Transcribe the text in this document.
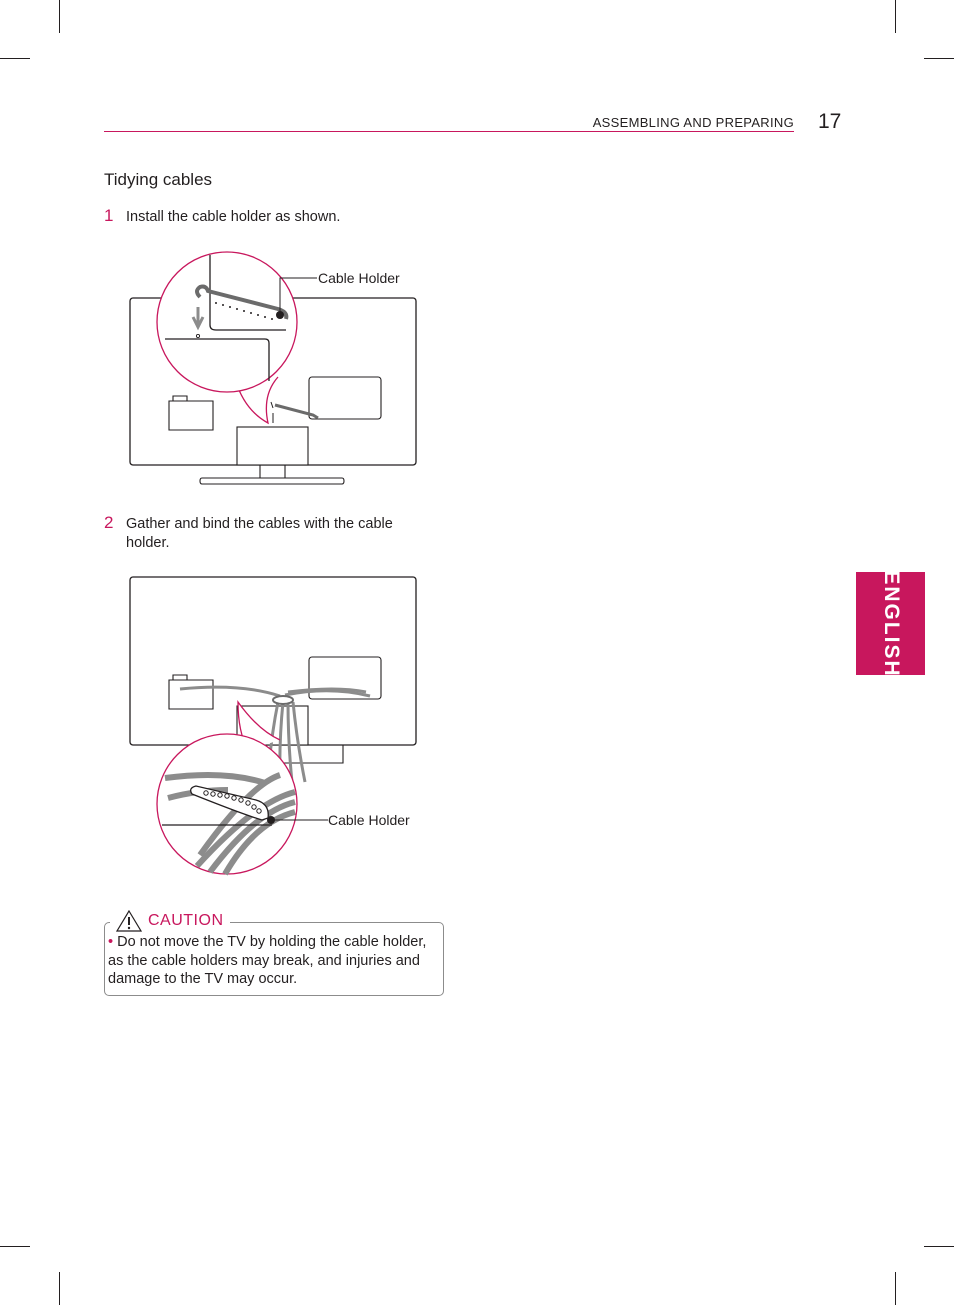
ASSEMBLING AND PREPARING 17
ENGLISH
Tidying cables
1 Install the cable holder as shown.
Cable Holder
2 Gather and bind the cables with the cable holder.
Cable Holder
CAUTION
• Do not move the TV by holding the cable holder, as the cable holders may break, and injuries and damage to the TV may occur.
